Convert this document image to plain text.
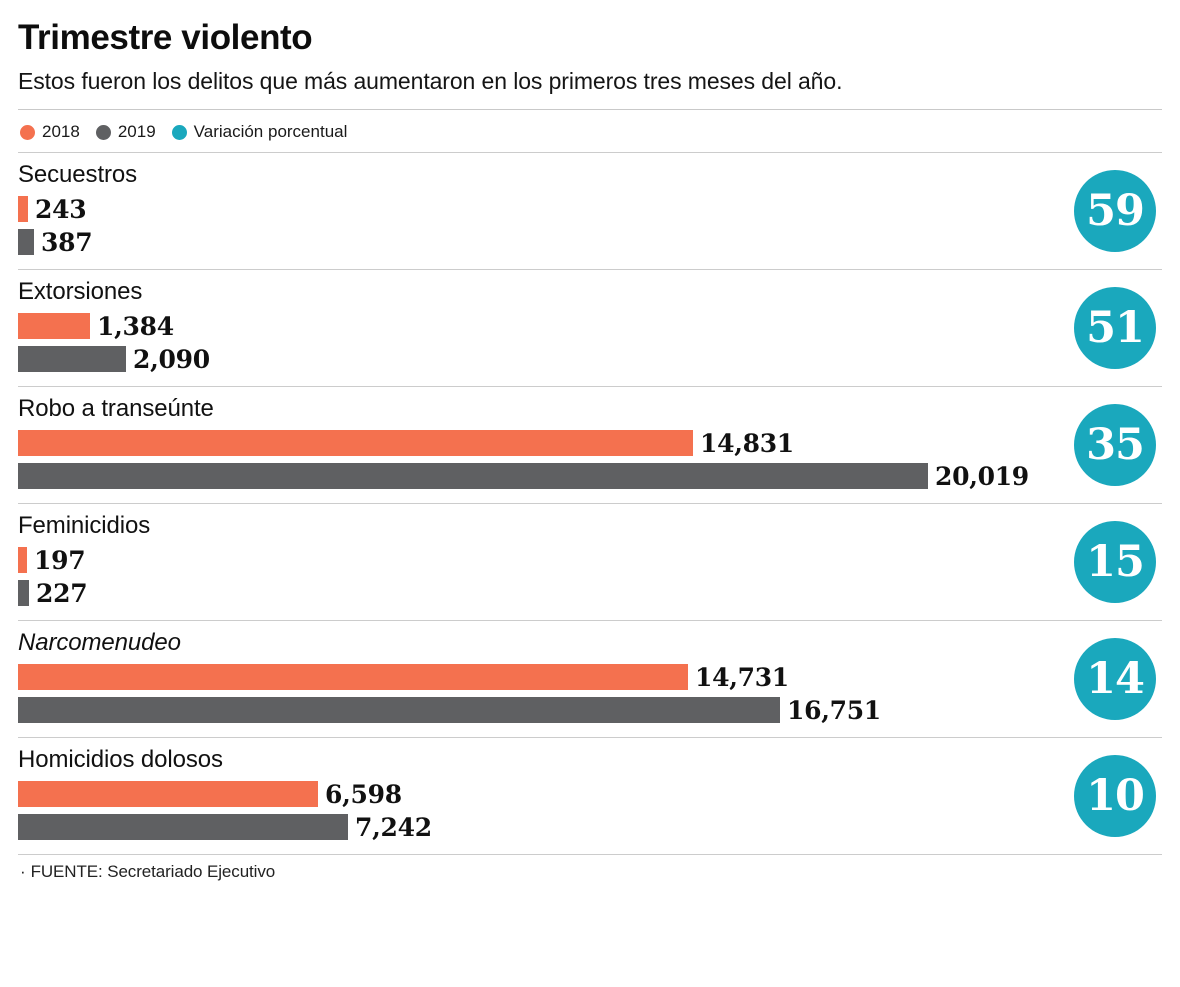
Trimestre violento
Estos fueron los delitos que más aumentaron en los primeros tres meses del año.
2018 2019 Variación porcentual
Secuestros
243
387
59
Extorsiones
1,384
2,090
51
Robo a transeúnte
14,831
20,019
35
Feminicidios
197
227
15
Narcomenudeo
14,731
16,751
14
Homicidios dolosos
6,598
7,242
10
· FUENTE: Secretariado Ejecutivo
